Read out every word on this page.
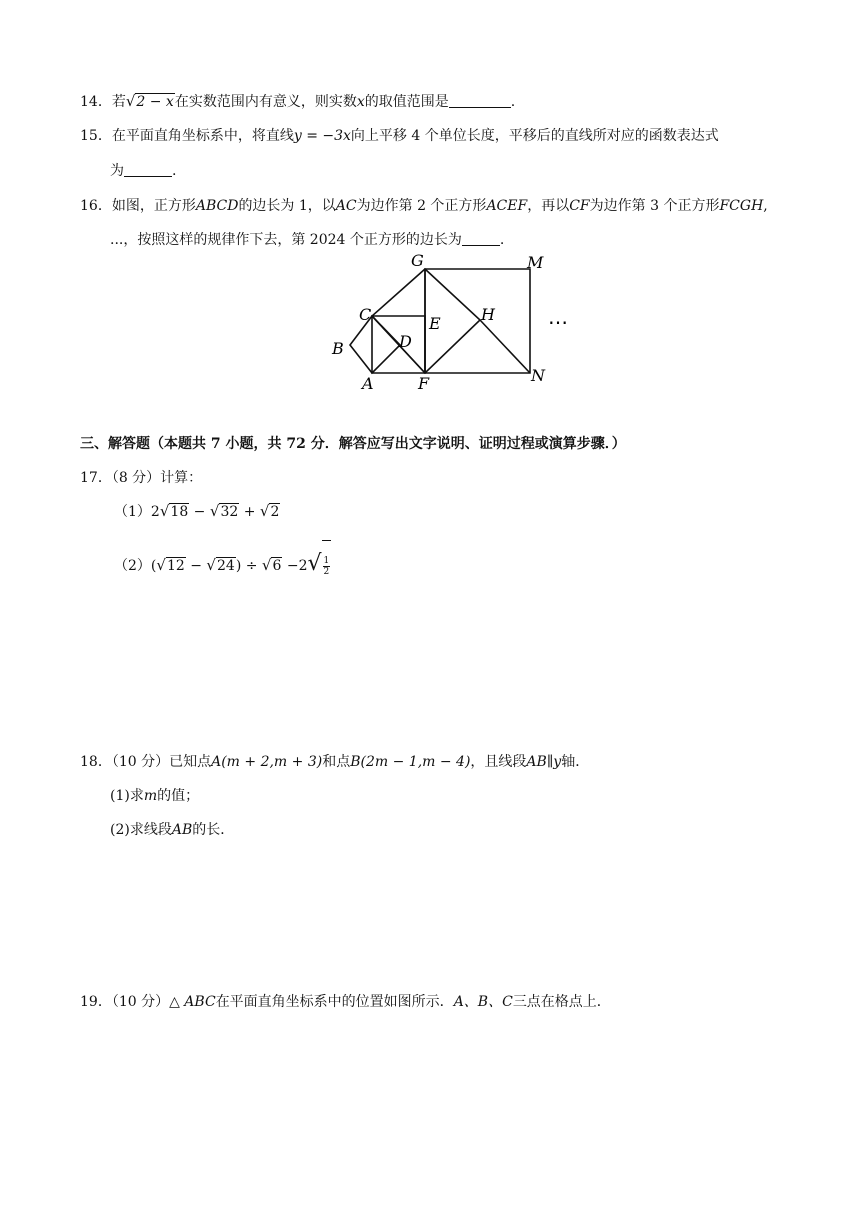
14．若 √ 2 − x 在实数范围内有意义，则实数x的取值范围是	.
15．在平面直角坐标系中，将直线y = −3x向上平移 4 个单位长度，平移后的直线所对应的函数表达式
为	.
16．如图，正方形ABCD的边长为 1，以AC为边作第 2 个正方形ACEF，再以CF为边作第 3 个正方形FCGH,
...，按照这样的规律作下去，第 2024 个正方形的边长为	.
G	M
C	E	H
D
B
A	F	N
⋯
三、解答题（本题共 7 小题，共 72 分．解答应写出文字说明、证明过程或演算步骤．）
17．（8 分）计算：
（1）2 √ 18 − √ 32 + √ 2
（2）( √ 12 − √ 24 ) ÷ √ 6 −2 √ $\frac{1}{2}$
18．（10 分）已知点A(m + 2,m + 3)和点B(2m − 1,m − 4)，且线段AB∥y轴．
(1)求m的值；
(2)求线段AB的长．
19．（10 分）△ ABC在平面直角坐标系中的位置如图所示．A、B、C三点在格点上．
